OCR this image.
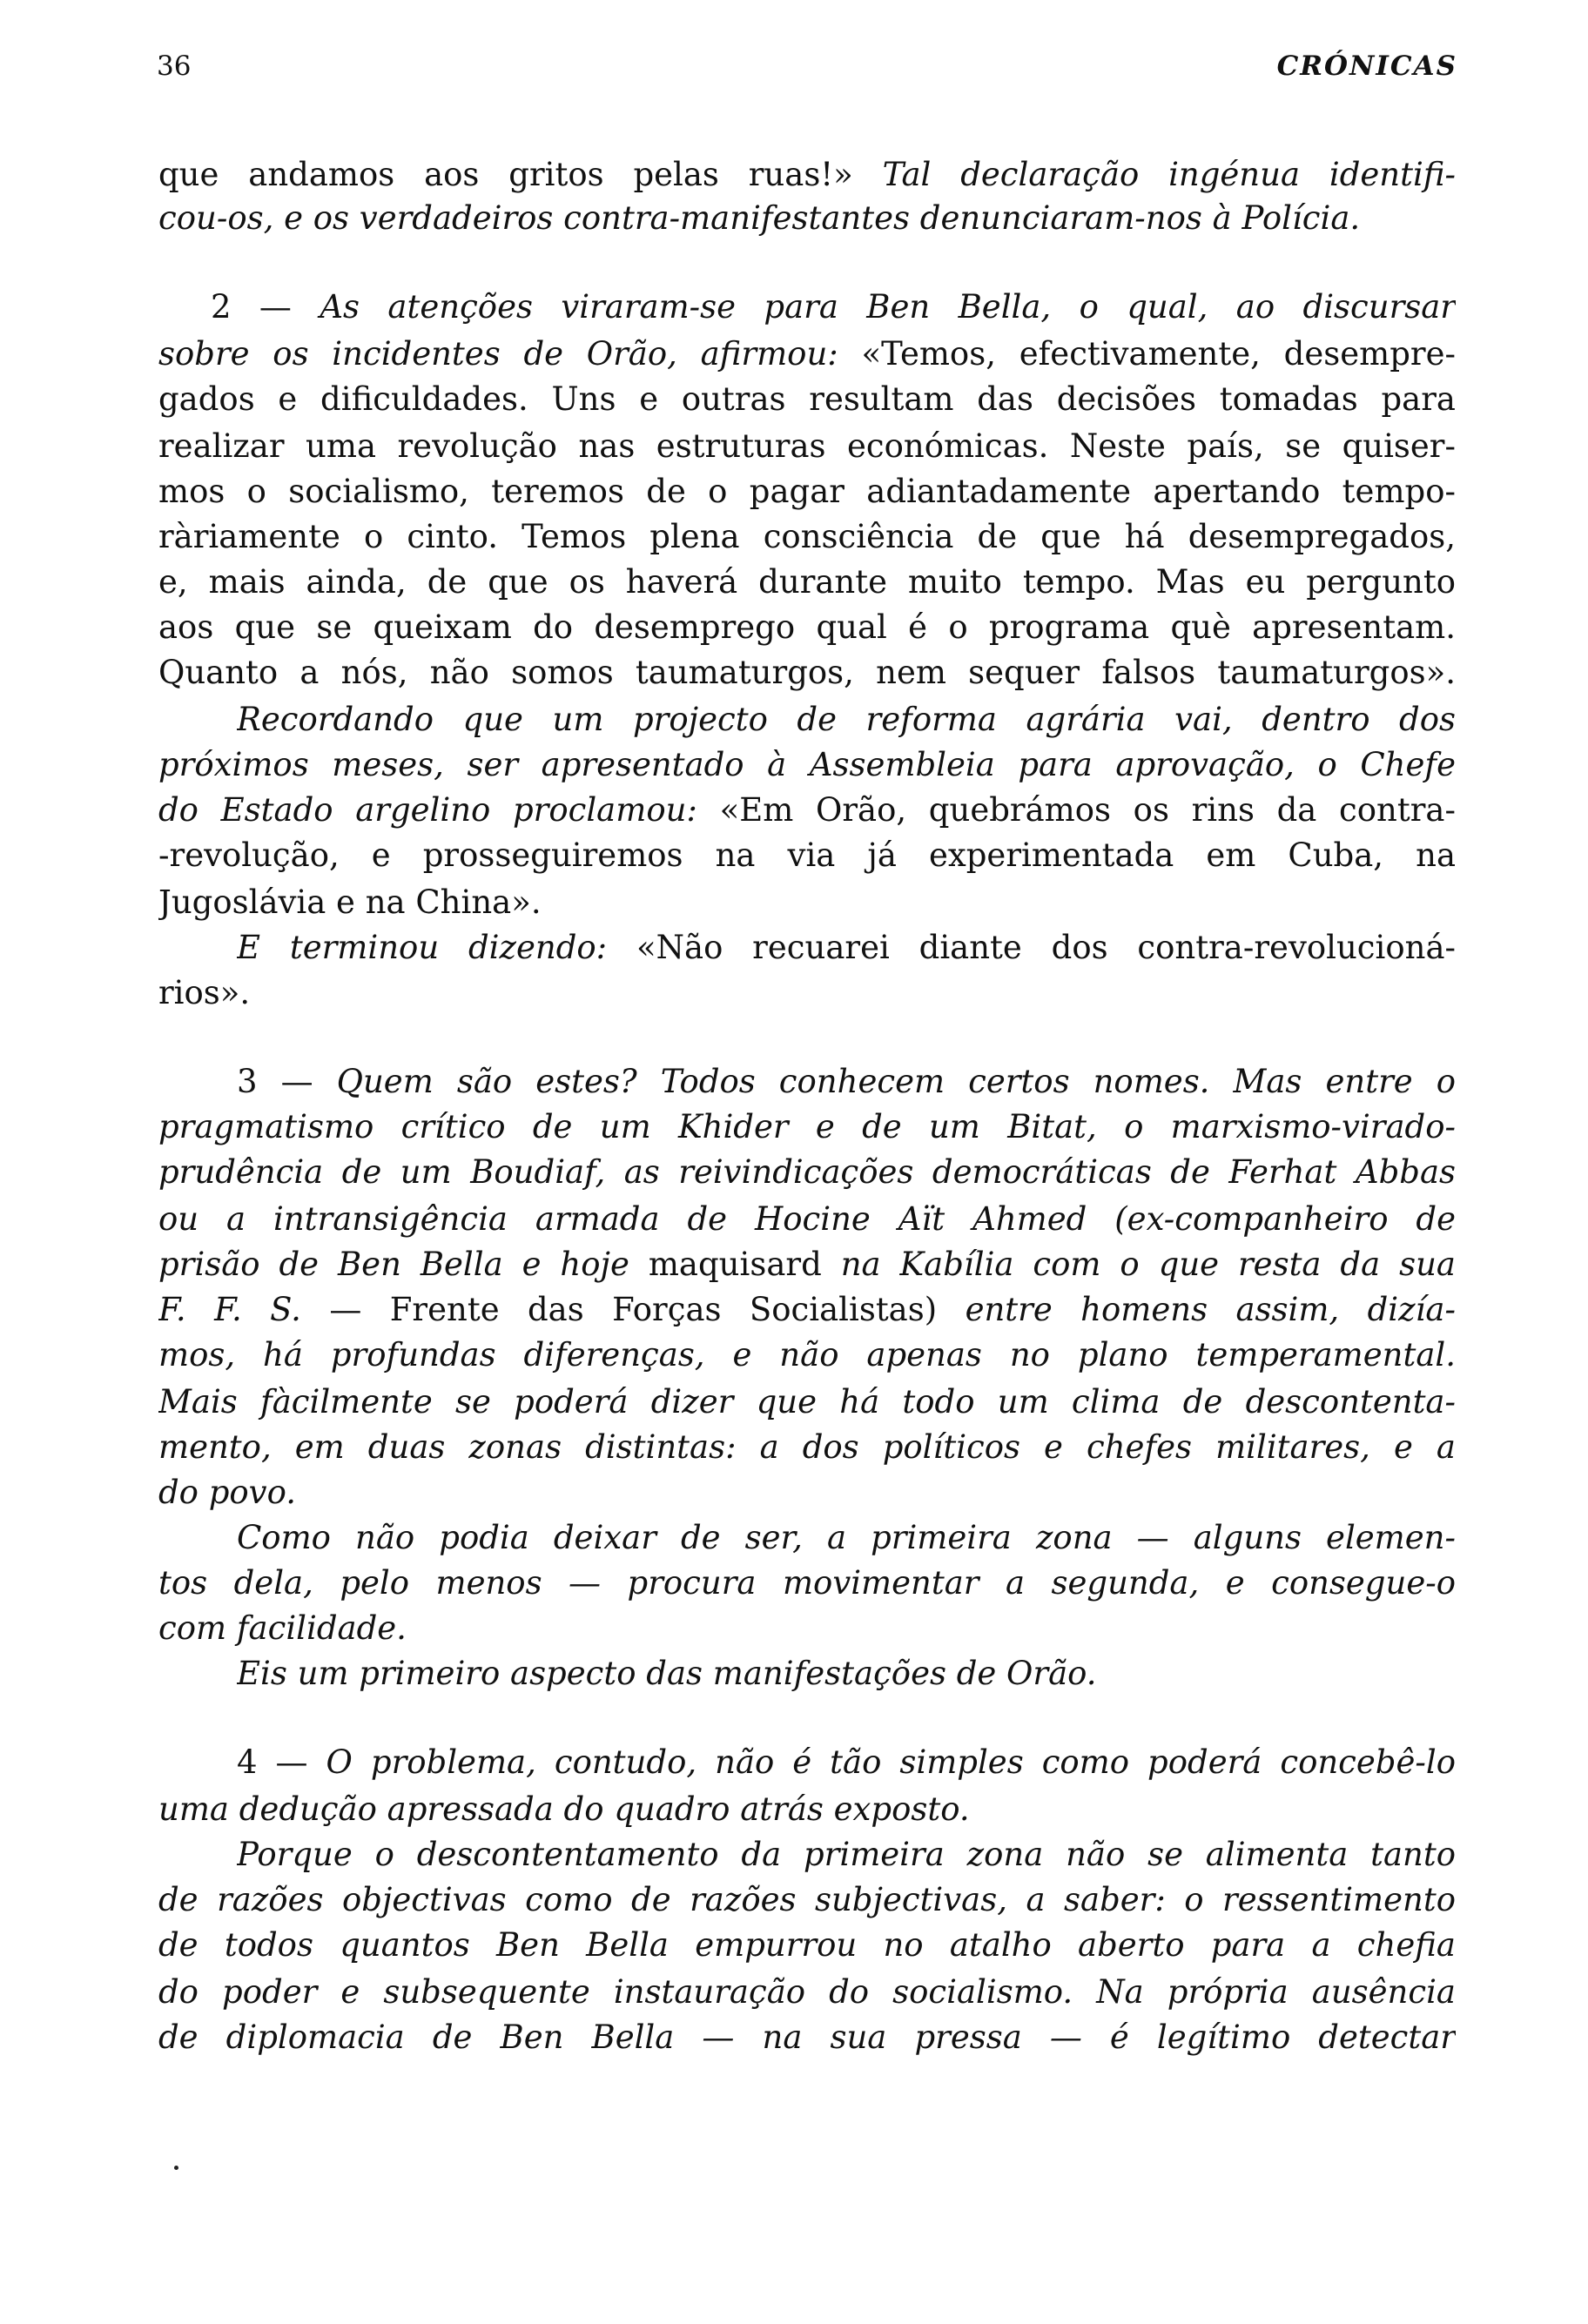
36	CRÓNICAS
que andamos aos gritos pelas ruas!» Tal declaração ingénua identifi-
cou-os, e os verdadeiros contra-manifestantes denunciaram-nos à Polícia.
2 — As atenções viraram-se para Ben Bella, o qual, ao discursar
sobre os incidentes de Orão, afirmou: «Temos, efectivamente, desempre-
gados e dificuldades. Uns e outras resultam das decisões tomadas para
realizar uma revolução nas estruturas económicas. Neste país, se quiser-
mos o socialismo, teremos de o pagar adiantadamente apertando tempo-
ràriamente o cinto. Temos plena consciência de que há desempregados,
e, mais ainda, de que os haverá durante muito tempo. Mas eu pergunto
aos que se queixam do desemprego qual é o programa què apresentam.
Quanto a nós, não somos taumaturgos, nem sequer falsos taumaturgos».
Recordando que um projecto de reforma agrária vai, dentro dos
próximos meses, ser apresentado à Assembleia para aprovação, o Chefe
do Estado argelino proclamou: «Em Orão, quebrámos os rins da contra-
-revolução, e prosseguiremos na via já experimentada em Cuba, na
Jugoslávia e na China».
E terminou dizendo: «Não recuarei diante dos contra-revolucioná-
rios».
3 — Quem são estes? Todos conhecem certos nomes. Mas entre o
pragmatismo crítico de um Khider e de um Bitat, o marxismo-virado-
prudência de um Boudiaf, as reivindicações democráticas de Ferhat Abbas
ou a intransigência armada de Hocine Aït Ahmed (ex-companheiro de
prisão de Ben Bella e hoje maquisard na Kabília com o que resta da sua
F. F. S. — Frente das Forças Socialistas) entre homens assim, dizía-
mos, há profundas diferenças, e não apenas no plano temperamental.
Mais fàcilmente se poderá dizer que há todo um clima de descontenta-
mento, em duas zonas distintas: a dos políticos e chefes militares, e a
do povo.
Como não podia deixar de ser, a primeira zona — alguns elemen-
tos dela, pelo menos — procura movimentar a segunda, e consegue-o
com facilidade.
Eis um primeiro aspecto das manifestações de Orão.
4 — O problema, contudo, não é tão simples como poderá concebê-lo
uma dedução apressada do quadro atrás exposto.
Porque o descontentamento da primeira zona não se alimenta tanto
de razões objectivas como de razões subjectivas, a saber: o ressentimento
de todos quantos Ben Bella empurrou no atalho aberto para a chefia
do poder e subsequente instauração do socialismo. Na própria ausência
de diplomacia de Ben Bella — na sua pressa — é legítimo detectar
